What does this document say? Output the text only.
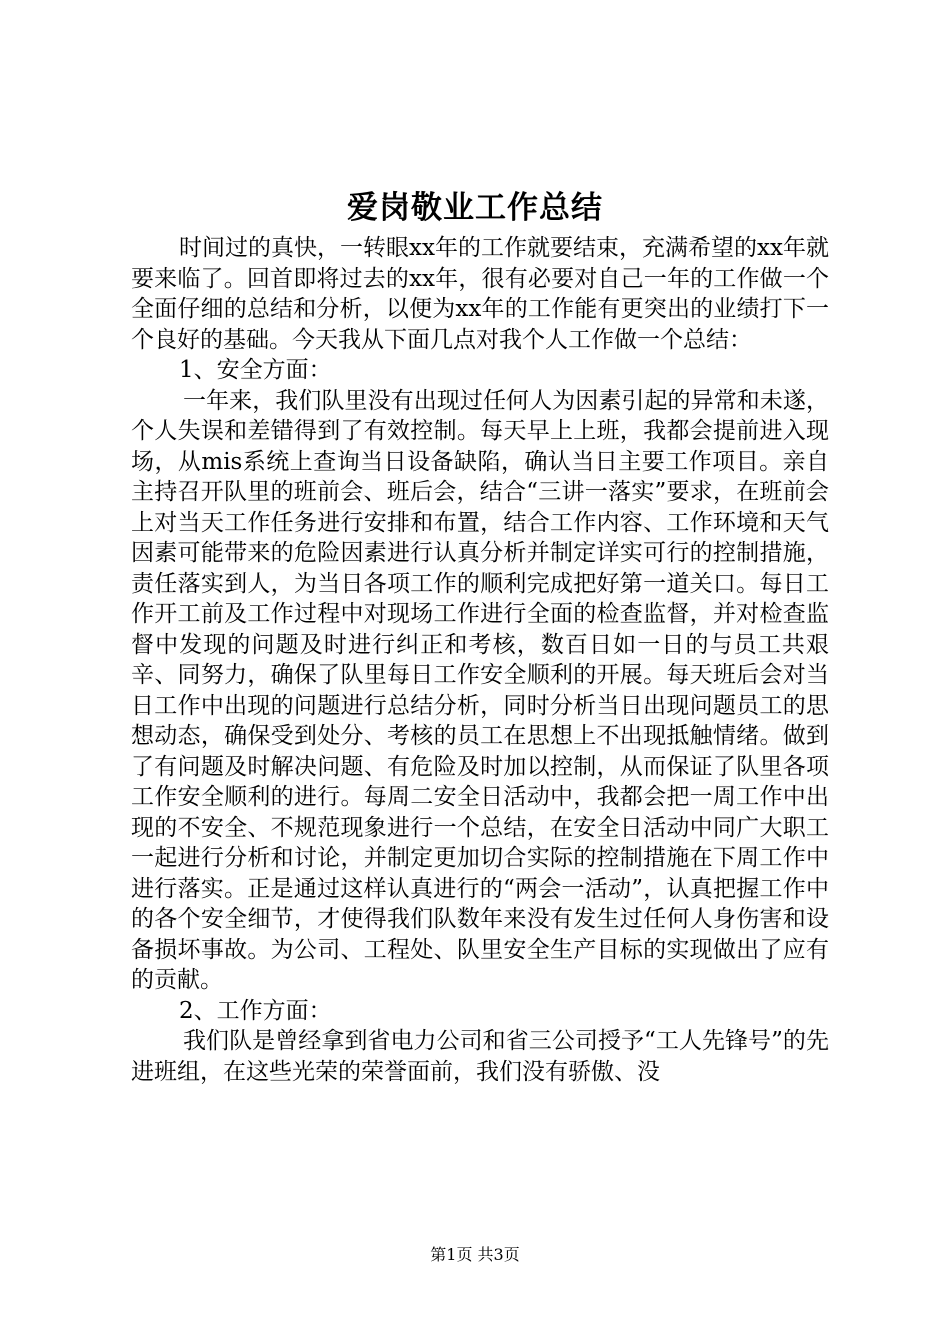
爱岗敬业工作总结

时间过的真快，一转眼xx年的工作就要结束，充满希望的xx年就要来临了。回首即将过去的xx年，很有必要对自己一年的工作做一个全面仔细的总结和分析，以便为xx年的工作能有更突出的业绩打下一个良好的基础。今天我从下面几点对我个人工作做一个总结：

1、安全方面：

一年来，我们队里没有出现过任何人为因素引起的异常和未遂，个人失误和差错得到了有效控制。每天早上上班，我都会提前进入现场，从mis系统上查询当日设备缺陷，确认当日主要工作项目。亲自主持召开队里的班前会、班后会，结合“三讲一落实”要求，在班前会上对当天工作任务进行安排和布置，结合工作内容、工作环境和天气因素可能带来的危险因素进行认真分析并制定详实可行的控制措施，责任落实到人，为当日各项工作的顺利完成把好第一道关口。每日工作开工前及工作过程中对现场工作进行全面的检查监督，并对检查监督中发现的问题及时进行纠正和考核，数百日如一日的与员工共艰辛、同努力，确保了队里每日工作安全顺利的开展。每天班后会对当日工作中出现的问题进行总结分析，同时分析当日出现问题员工的思想动态，确保受到处分、考核的员工在思想上不出现抵触情绪。做到了有问题及时解决问题、有危险及时加以控制，从而保证了队里各项工作安全顺利的进行。每周二安全日活动中，我都会把一周工作中出现的不安全、不规范现象进行一个总结，在安全日活动中同广大职工一起进行分析和讨论，并制定更加切合实际的控制措施在下周工作中进行落实。正是通过这样认真进行的“两会一活动”，认真把握工作中的各个安全细节，才使得我们队数年来没有发生过任何人身伤害和设备损坏事故。为公司、工程处、队里安全生产目标的实现做出了应有的贡献。

2、工作方面：

我们队是曾经拿到省电力公司和省三公司授予“工人先锋号”的先进班组，在这些光荣的荣誉面前，我们没有骄傲、没

第1页 共3页
